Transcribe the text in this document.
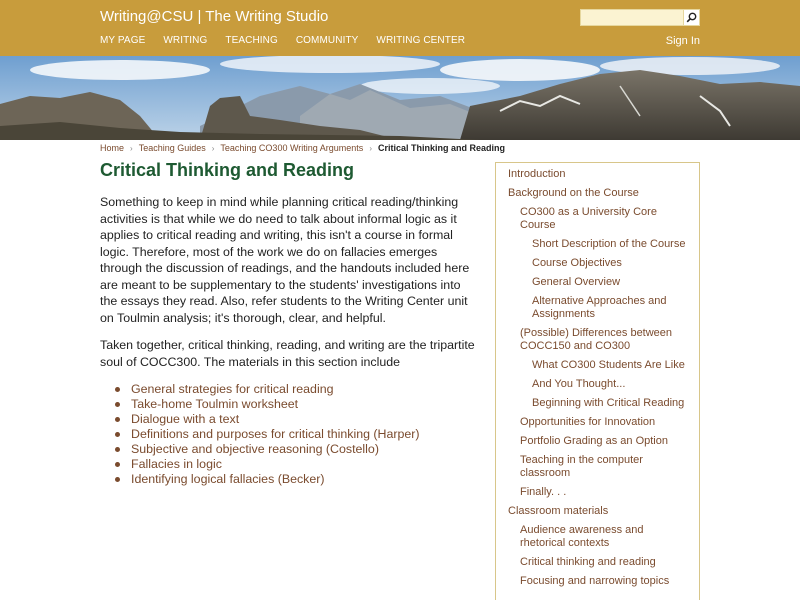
Writing@CSU | The Writing Studio
MY PAGE WRITING TEACHING COMMUNITY WRITING CENTER	Sign In
Home › Teaching Guides › Teaching CO300 Writing Arguments › Critical Thinking and Reading
Critical Thinking and Reading

Something to keep in mind while planning critical reading/thinking activities is that while we do need to talk about informal logic as it applies to critical reading and writing, this isn't a course in formal logic. Therefore, most of the work we do on fallacies emerges through the discussion of readings, and the handouts included here are meant to be supplementary to the students' investigations into the essays they read. Also, refer students to the Writing Center unit on Toulmin analysis; it's thorough, clear, and helpful.

Taken together, critical thinking, reading, and writing are the tripartite soul of COCC300. The materials in this section include

General strategies for critical reading
Take-home Toulmin worksheet
Dialogue with a text
Definitions and purposes for critical thinking (Harper)
Subjective and objective reasoning (Costello)
Fallacies in logic
Identifying logical fallacies (Becker)
Introduction
Background on the Course
CO300 as a University Core Course
Short Description of the Course
Course Objectives
General Overview
Alternative Approaches and Assignments
(Possible) Differences between COCC150 and CO300
What CO300 Students Are Like
And You Thought...
Beginning with Critical Reading
Opportunities for Innovation
Portfolio Grading as an Option
Teaching in the computer classroom
Finally. . .
Classroom materials
Audience awareness and rhetorical contexts
Critical thinking and reading
Focusing and narrowing topics
